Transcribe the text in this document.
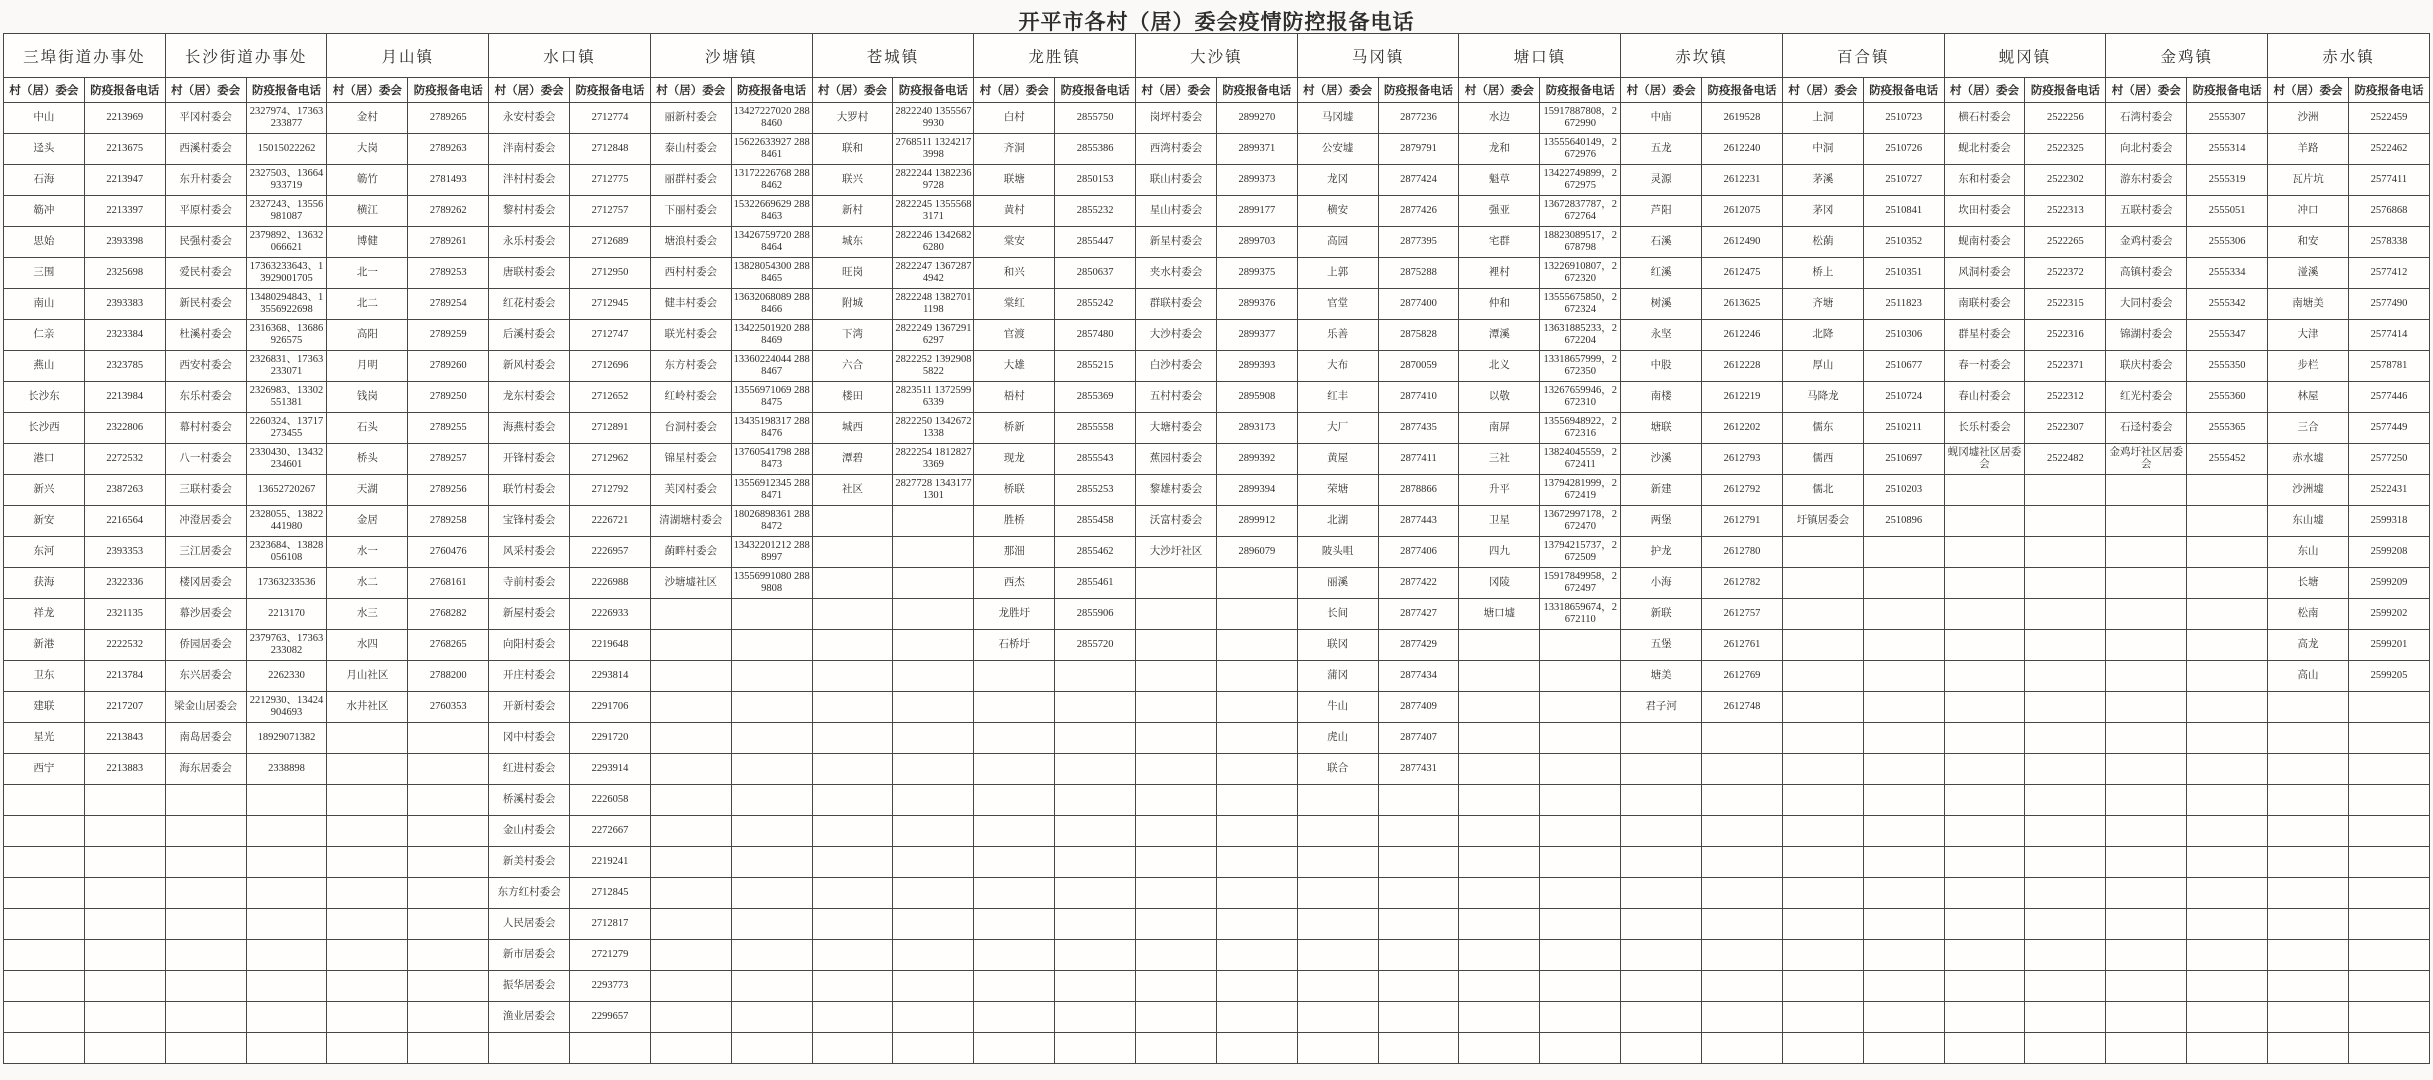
开平市各村（居）委会疫情防控报备电话
三埠街道办事处		长沙街道办事处		月山镇		水口镇		沙塘镇		苍城镇		龙胜镇		大沙镇		马冈镇		塘口镇		赤坎镇		百合镇		蚬冈镇		金鸡镇		赤水镇	
村（居）委会	防疫报备电话	村（居）委会	防疫报备电话	村（居）委会	防疫报备电话	村（居）委会	防疫报备电话	村（居）委会	防疫报备电话	村（居）委会	防疫报备电话	村（居）委会	防疫报备电话	村（居）委会	防疫报备电话	村（居）委会	防疫报备电话	村（居）委会	防疫报备电话	村（居）委会	防疫报备电话	村（居）委会	防疫报备电话	村（居）委会	防疫报备电话	村（居）委会	防疫报备电话	村（居）委会	防疫报备电话
中山	2213969	平冈村委会	2327974、17363233877	金村	2789265	永安村委会	2712774	丽新村委会	13427227020 2888460	大罗村	2822240 13555679930	白村	2855750	岗坪村委会	2899270	马冈墟	2877236	水边	15917887808，2672990	中庙	2619528	上洞	2510723	横石村委会	2522256	石湾村委会	2555307	沙洲	2522459
迳头	2213675	西溪村委会	15015022262	大岗	2789263	泮南村委会	2712848	泰山村委会	15622633927 2888461	联和	2768511 13242173998	齐洞	2855386	西湾村委会	2899371	公安墟	2879791	龙和	13555640149，2672976	五龙	2612240	中洞	2510726	蚬北村委会	2522325	向北村委会	2555314	羊路	2522462
石海	2213947	东升村委会	2327503、13664933719	簕竹	2781493	泮村村委会	2712775	丽群村委会	13172226768 2888462	联兴	2822244 13822369728	联塘	2850153	联山村委会	2899373	龙冈	2877424	魁草	13422749899，2672975	灵源	2612231	茅溪	2510727	东和村委会	2522302	游东村委会	2555319	瓦片坑	2577411
簕冲	2213397	平原村委会	2327243、13556981087	横江	2789262	黎村村委会	2712757	下丽村委会	15322669629 2888463	新村	2822245 13555683171	黄村	2855232	星山村委会	2899177	横安	2877426	强亚	13672837787，2672764	芦阳	2612075	茅冈	2510841	坎田村委会	2522313	五联村委会	2555051	冲口	2576868
思始	2393398	民强村委会	2379892、13632066621	博健	2789261	永乐村委会	2712689	塘浪村委会	13426759720 2888464	城东	2822246 13426826280	棠安	2855447	新星村委会	2899703	高园	2877395	宅群	18823089517，2678798	石溪	2612490	松蓢	2510352	蚬南村委会	2522265	金鸡村委会	2555306	和安	2578338
三围	2325698	爱民村委会	17363233643、13929001705	北一	2789253	唐联村委会	2712950	西村村委会	13828054300 2888465	旺岗	2822247 13672874942	和兴	2850637	夹水村委会	2899375	上郭	2875288	裡村	13226910807，2672320	红溪	2612475	桥上	2510351	风洞村委会	2522372	高镇村委会	2555334	湴溪	2577412
南山	2393383	新民村委会	13480294843、13556922698	北二	2789254	红花村委会	2712945	健丰村委会	13632068089 2888466	附城	2822248 13827011198	棠红	2855242	群联村委会	2899376	官堂	2877400	仲和	13555675850，2672324	树溪	2613625	齐塘	2511823	南联村委会	2522315	大同村委会	2555342	南塘美	2577490
仁亲	2323384	杜溪村委会	2316368、13686926575	高阳	2789259	后溪村委会	2712747	联光村委会	13422501920 2888469	下湾	2822249 13672916297	官渡	2857480	大沙村委会	2899377	乐善	2875828	潭溪	13631885233，2672204	永坚	2612246	北降	2510306	群星村委会	2522316	锦湖村委会	2555347	大津	2577414
燕山	2323785	西安村委会	2326831、17363233071	月明	2789260	新风村委会	2712696	东方村委会	13360224044 2888467	六合	2822252 13929085822	大雄	2855215	白沙村委会	2899393	大布	2870059	北义	13318657999，2672350	中股	2612228	厚山	2510677	春一村委会	2522371	联庆村委会	2555350	步栏	2578781
长沙东	2213984	东乐村委会	2326983、13302551381	钱岗	2789250	龙东村委会	2712652	红岭村委会	13556971069 2888475	楼田	2823511 13725996339	梧村	2855369	五村村委会	2895908	红丰	2877410	以敬	13267659946，2672310	南楼	2612219	马降龙	2510724	春山村委会	2522312	红光村委会	2555360	林屋	2577446
长沙西	2322806	幕村村委会	2260324、13717273455	石头	2789255	海燕村委会	2712891	台洞村委会	13435198317 2888476	城西	2822250 13426721338	桥新	2855558	大塘村委会	2893173	大厂	2877435	南屏	13556948922，2672316	塘联	2612202	儒东	2510211	长乐村委会	2522307	石迳村委会	2555365	三合	2577449
港口	2272532	八一村委会	2330430、13432234601	桥头	2789257	开锋村委会	2712962	锦星村委会	13760541798 2888473	潭碧	2822254 18128273369	现龙	2855543	蕉园村委会	2899392	黄屋	2877411	三社	13824045559，2672411	沙溪	2612793	儒西	2510697	蚬冈墟社区居委会	2522482	金鸡圩社区居委会	2555452	赤水墟	2577250
新兴	2387263	三联村委会	13652720267	天湖	2789256	联竹村委会	2712792	芙冈村委会	13556912345 2888471	社区	2827728 13431771301	桥联	2855253	黎雄村委会	2899394	荣塘	2878866	升平	13794281999，2672419	新建	2612792	儒北	2510203					沙洲墟	2522431
新安	2216564	冲澄居委会	2328055、13822441980	金居	2789258	宝锋村委会	2226721	清湖塘村委会	18026898361 2888472			胜桥	2855458	沃富村委会	2899912	北湖	2877443	卫星	13672997178，2672470	两堡	2612791	圩镇居委会	2510896					东山墟	2599318
东河	2393353	三江居委会	2323684、13828056108	水一	2760476	风采村委会	2226957	蓢畔村委会	13432201212 2888997			那沺	2855462	大沙圩社区	2896079	陂头咀	2877406	四九	13794215737，2672509	护龙	2612780							东山	2599208
获海	2322336	楼冈居委会	17363233536	水二	2768161	寺前村委会	2226988	沙塘墟社区	13556991080 2889808			西杰	2855461			丽溪	2877422	冈陵	15917849958，2672497	小海	2612782							长塘	2599209
祥龙	2321135	幕沙居委会	2213170	水三	2768282	新屋村委会	2226933					龙胜圩	2855906			长间	2877427	塘口墟	13318659674，2672110	新联	2612757							松南	2599202
新港	2222532	侨园居委会	2379763、17363233082	水四	2768265	向阳村委会	2219648					石桥圩	2855720			联冈	2877429			五堡	2612761							高龙	2599201
卫东	2213784	东兴居委会	2262330	月山社区	2788200	开庄村委会	2293814									蒲冈	2877434			塘美	2612769							高山	2599205
建联	2217207	梁金山居委会	2212930、13424904693	水井社区	2760353	开新村委会	2291706									牛山	2877409			君子河	2612748								
星光	2213843	南岛居委会	18929071382			冈中村委会	2291720									虎山	2877407												
西宁	2213883	海东居委会	2338898			红进村委会	2293914									联合	2877431												
						桥溪村委会	2226058																						
						金山村委会	2272667																						
						新美村委会	2219241																						
						东方红村委会	2712845																						
						人民居委会	2712817																						
						新市居委会	2721279																						
						振华居委会	2293773																						
						渔业居委会	2299657																						
